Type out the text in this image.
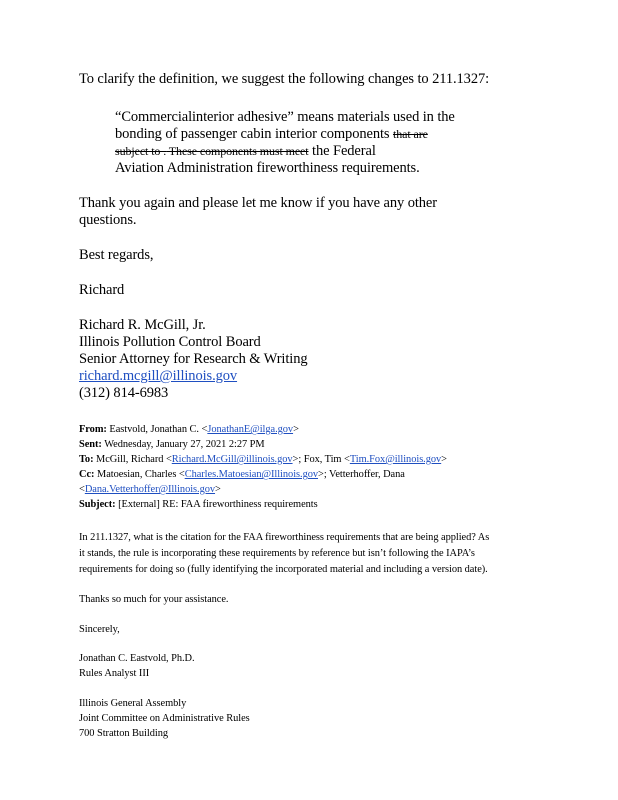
To clarify the definition, we suggest the following changes to 211.1327:
“Commercialinterior adhesive” means materials used in the
bonding of passenger cabin interior components that are
subject to . These components must meet the Federal
Aviation Administration fireworthiness requirements.
Thank you again and please let me know if you have any other
questions.
Best regards,
Richard
Richard R. McGill, Jr.
Illinois Pollution Control Board
Senior Attorney for Research & Writing
richard.mcgill@illinois.gov
(312) 814-6983
From: Eastvold, Jonathan C. <JonathanE@ilga.gov>
Sent: Wednesday, January 27, 2021 2:27 PM
To: McGill, Richard <Richard.McGill@illinois.gov>; Fox, Tim <Tim.Fox@illinois.gov>
Cc: Matoesian, Charles <Charles.Matoesian@Illinois.gov>; Vetterhoffer, Dana
<Dana.Vetterhoffer@Illinois.gov>
Subject: [External] RE: FAA fireworthiness requirements
In 211.1327, what is the citation for the FAA fireworthiness requirements that are being applied? As
it stands, the rule is incorporating these requirements by reference but isn’t following the IAPA’s
requirements for doing so (fully identifying the incorporated material and including a version date).
Thanks so much for your assistance.
Sincerely,
Jonathan C. Eastvold, Ph.D.
Rules Analyst III
Illinois General Assembly
Joint Committee on Administrative Rules
700 Stratton Building
